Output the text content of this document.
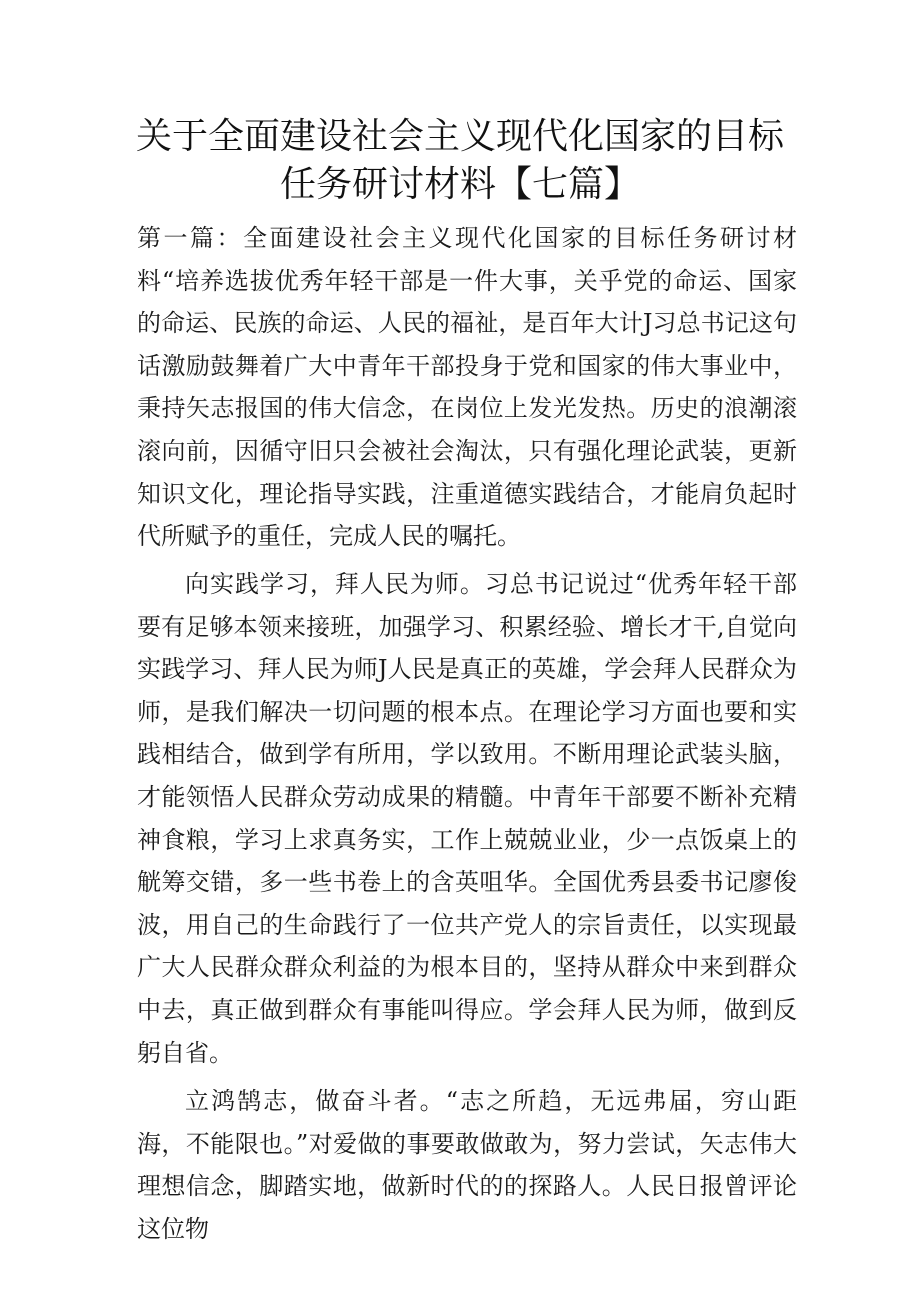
关于全面建设社会主义现代化国家的目标
任务研讨材料【七篇】
第一篇：全面建设社会主义现代化国家的目标任务研讨材料“培养选拔优秀年轻干部是一件大事，关乎党的命运、国家的命运、民族的命运、人民的福祉，是百年大计J习总书记这句话激励鼓舞着广大中青年干部投身于党和国家的伟大事业中，秉持矢志报国的伟大信念，在岗位上发光发热。历史的浪潮滚滚向前，因循守旧只会被社会淘汰，只有强化理论武装，更新知识文化，理论指导实践，注重道德实践结合，才能肩负起时代所赋予的重任，完成人民的嘱托。
向实践学习，拜人民为师。习总书记说过“优秀年轻干部要有足够本领来接班，加强学习、积累经验、增长才干,自觉向实践学习、拜人民为师J人民是真正的英雄，学会拜人民群众为师，是我们解决一切问题的根本点。在理论学习方面也要和实践相结合，做到学有所用，学以致用。不断用理论武装头脑，才能领悟人民群众劳动成果的精髓。中青年干部要不断补充精神食粮，学习上求真务实，工作上兢兢业业，少一点饭桌上的觥筹交错，多一些书卷上的含英咀华。全国优秀县委书记廖俊波，用自己的生命践行了一位共产党人的宗旨责任，以实现最广大人民群众群众利益的为根本目的，坚持从群众中来到群众中去，真正做到群众有事能叫得应。学会拜人民为师，做到反躬自省。
立鸿鹄志，做奋斗者。“志之所趋，无远弗届，穷山距海，不能限也。”对爱做的事要敢做敢为，努力尝试，矢志伟大理想信念，脚踏实地，做新时代的的探路人。人民日报曾评论这位物
